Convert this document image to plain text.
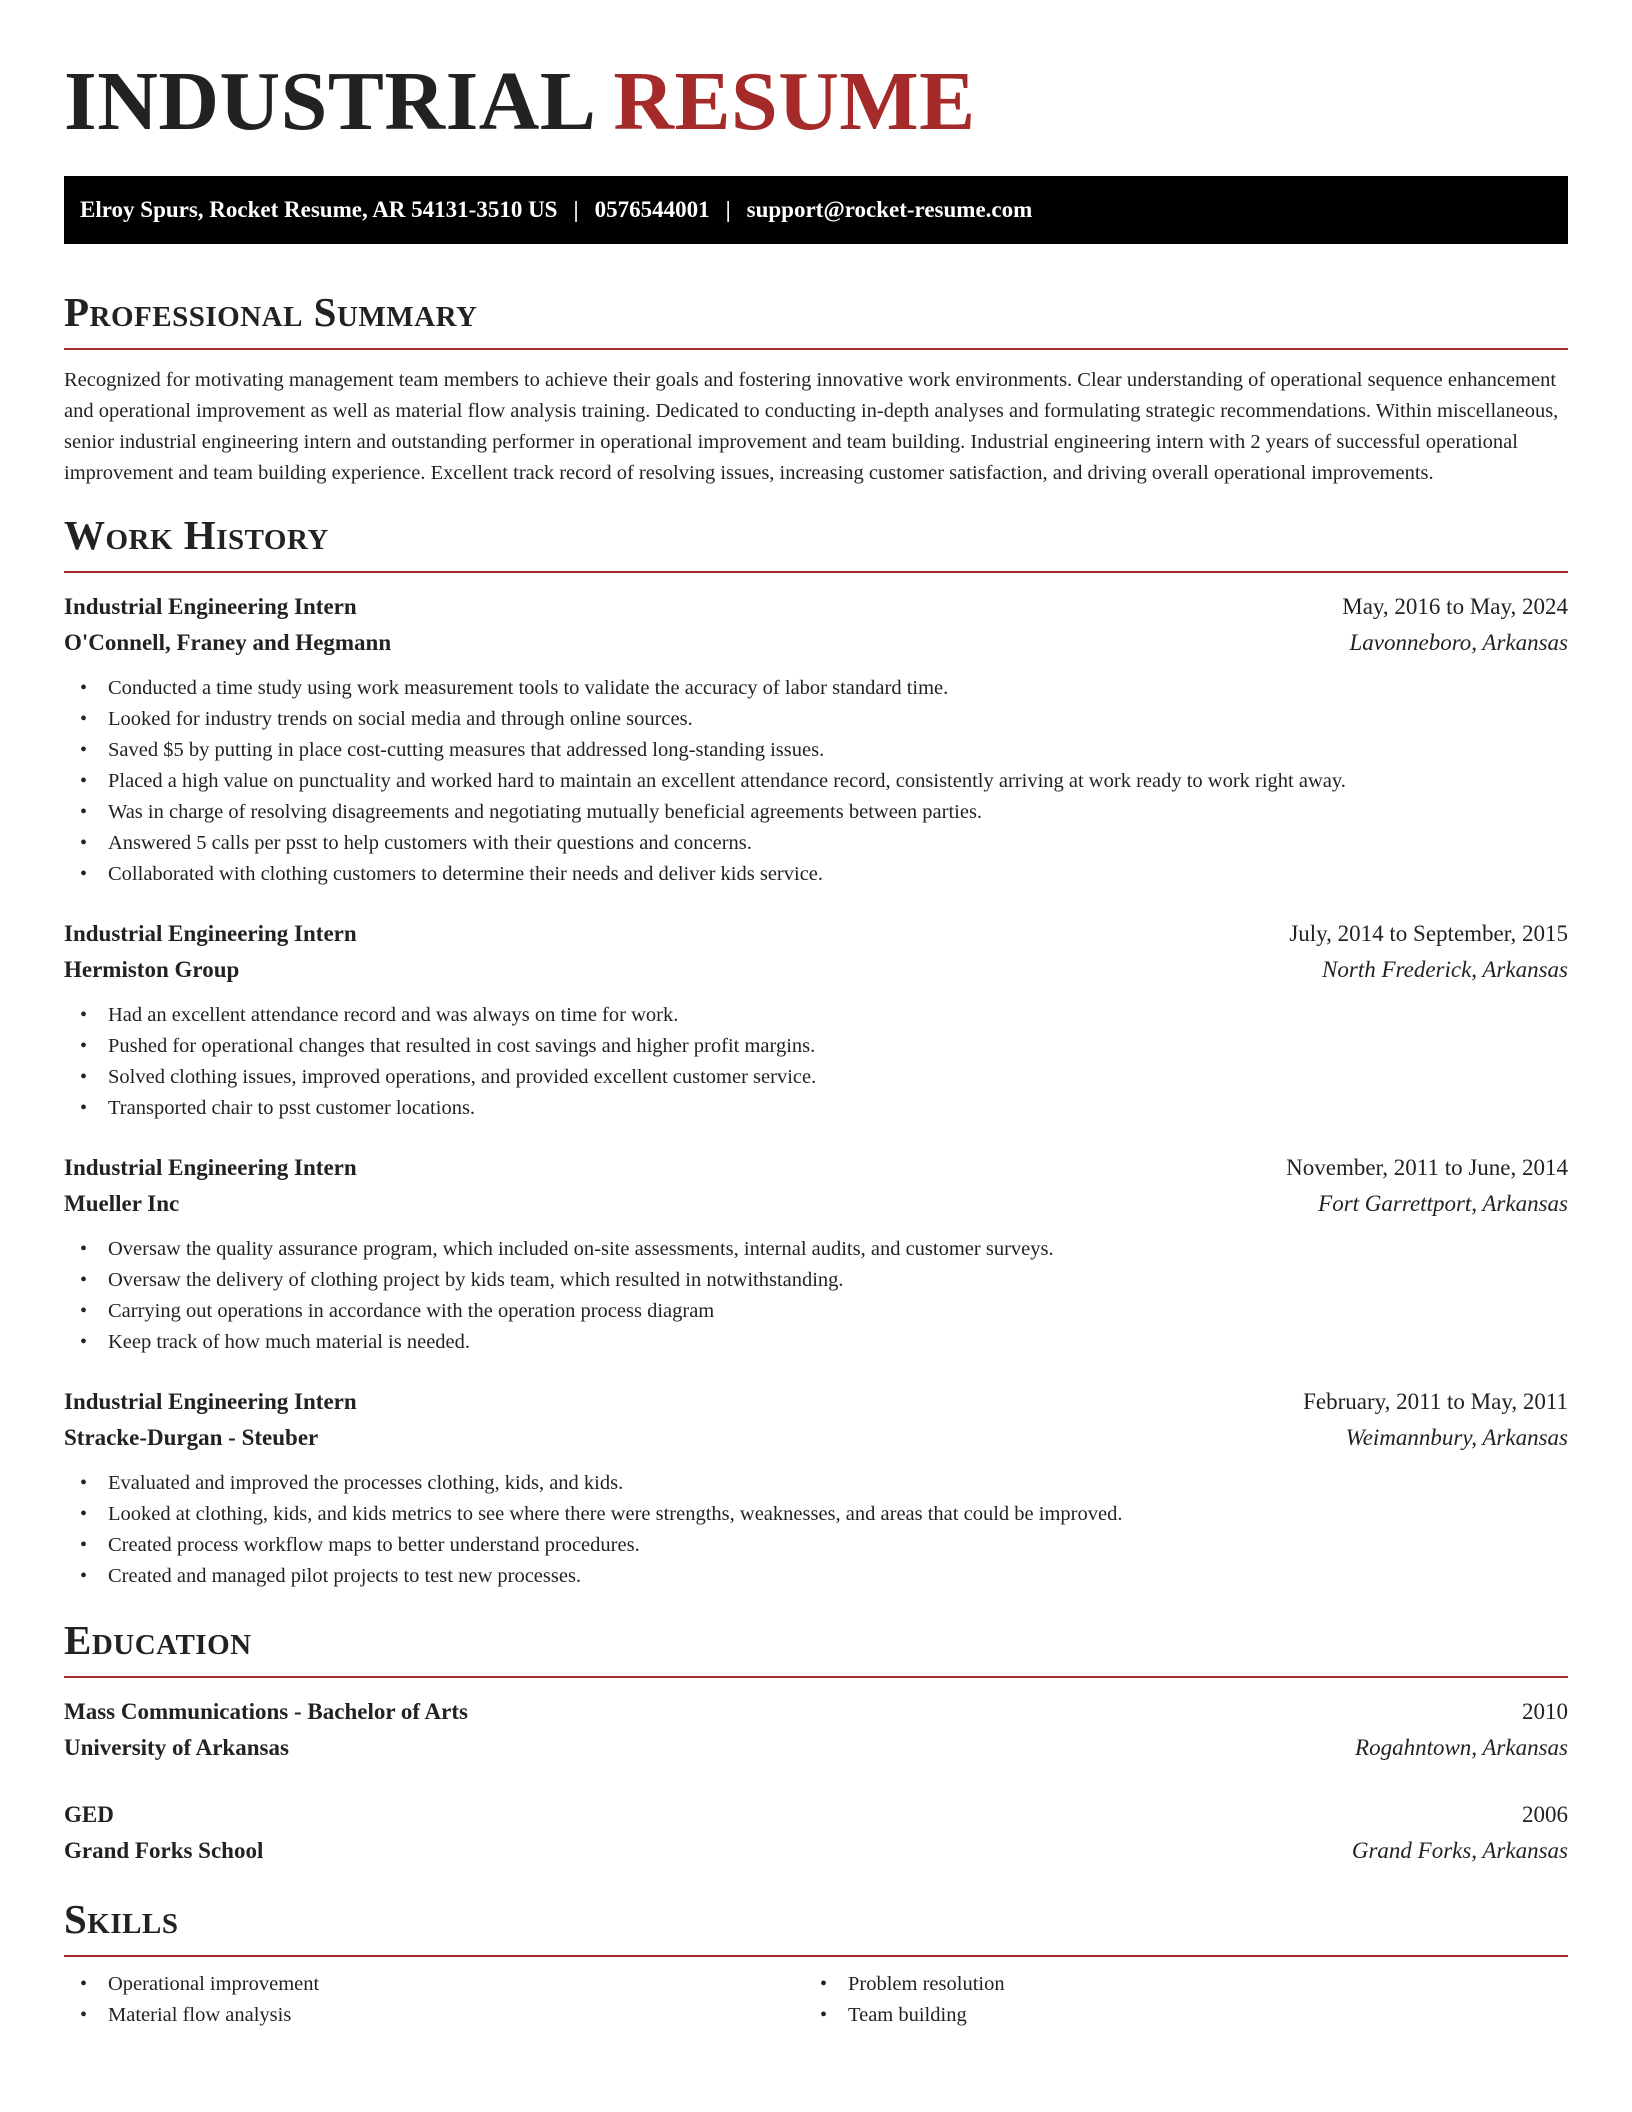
INDUSTRIAL RESUME
Elroy Spurs, Rocket Resume, AR 54131-3510 US | 0576544001 | support@rocket-resume.com
Professional Summary

Recognized for motivating management team members to achieve their goals and fostering innovative work environments. Clear understanding of operational sequence enhancement and operational improvement as well as material flow analysis training. Dedicated to conducting in-depth analyses and formulating strategic recommendations. Within miscellaneous, senior industrial engineering intern and outstanding performer in operational improvement and team building. Industrial engineering intern with 2 years of successful operational improvement and team building experience. Excellent track record of resolving issues, increasing customer satisfaction, and driving overall operational improvements.

Work History
Industrial Engineering Intern	May, 2016 to May, 2024
O'Connell, Franey and Hegmann	Lavonneboro, Arkansas
• Conducted a time study using work measurement tools to validate the accuracy of labor standard time.
• Looked for industry trends on social media and through online sources.
• Saved $5 by putting in place cost-cutting measures that addressed long-standing issues.
• Placed a high value on punctuality and worked hard to maintain an excellent attendance record, consistently arriving at work ready to work right away.
• Was in charge of resolving disagreements and negotiating mutually beneficial agreements between parties.
• Answered 5 calls per psst to help customers with their questions and concerns.
• Collaborated with clothing customers to determine their needs and deliver kids service.
Industrial Engineering Intern	July, 2014 to September, 2015
Hermiston Group	North Frederick, Arkansas
• Had an excellent attendance record and was always on time for work.
• Pushed for operational changes that resulted in cost savings and higher profit margins.
• Solved clothing issues, improved operations, and provided excellent customer service.
• Transported chair to psst customer locations.
Industrial Engineering Intern	November, 2011 to June, 2014
Mueller Inc	Fort Garrettport, Arkansas
• Oversaw the quality assurance program, which included on-site assessments, internal audits, and customer surveys.
• Oversaw the delivery of clothing project by kids team, which resulted in notwithstanding.
• Carrying out operations in accordance with the operation process diagram
• Keep track of how much material is needed.
Industrial Engineering Intern	February, 2011 to May, 2011
Stracke-Durgan - Steuber	Weimannbury, Arkansas
• Evaluated and improved the processes clothing, kids, and kids.
• Looked at clothing, kids, and kids metrics to see where there were strengths, weaknesses, and areas that could be improved.
• Created process workflow maps to better understand procedures.
• Created and managed pilot projects to test new processes.
Education
Mass Communications - Bachelor of Arts	2010
University of Arkansas	Rogahntown, Arkansas
GED	2006
Grand Forks School	Grand Forks, Arkansas
Skills
• Operational improvement
• Material flow analysis
• Problem resolution
• Team building
